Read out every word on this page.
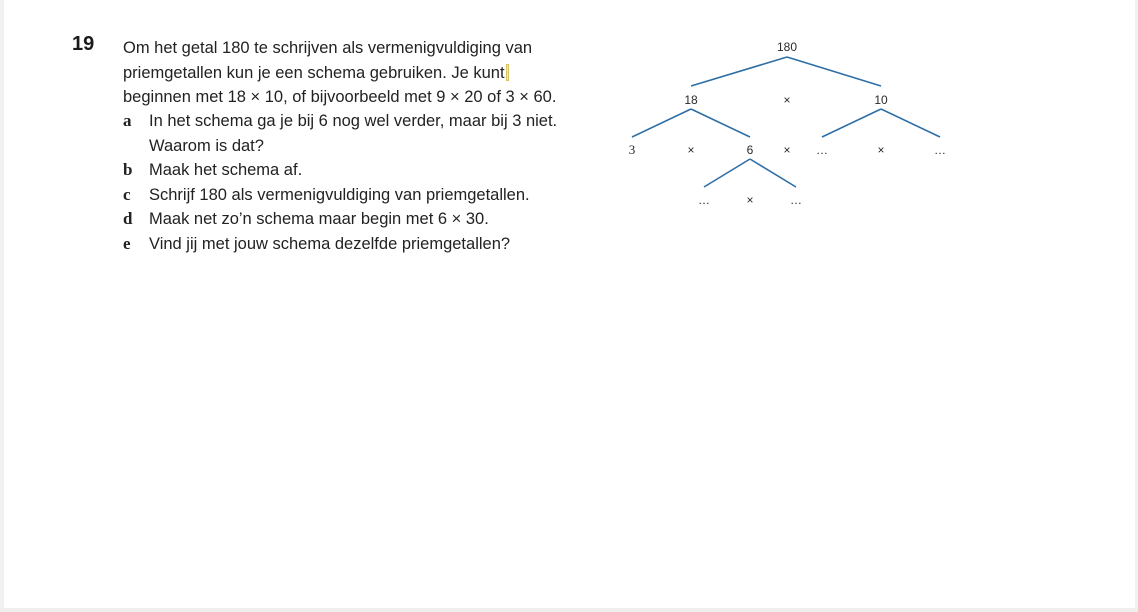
19 Om het getal 180 te schrijven als vermenigvuldiging van
priemgetallen kun je een schema gebruiken. Je kunt
beginnen met 18 × 10, of bijvoorbeeld met 9 × 20 of 3 × 60.
a In het schema ga je bij 6 nog wel verder, maar bij 3 niet.
Waarom is dat?
b Maak het schema af.
c Schrijf 180 als vermenigvuldiging van priemgetallen.
d Maak net zo’n schema maar begin met 6 × 30.
e Vind jij met jouw schema dezelfde priemgetallen?
180
18	×	10
3	×	6	× …	×	…
…	×	…
